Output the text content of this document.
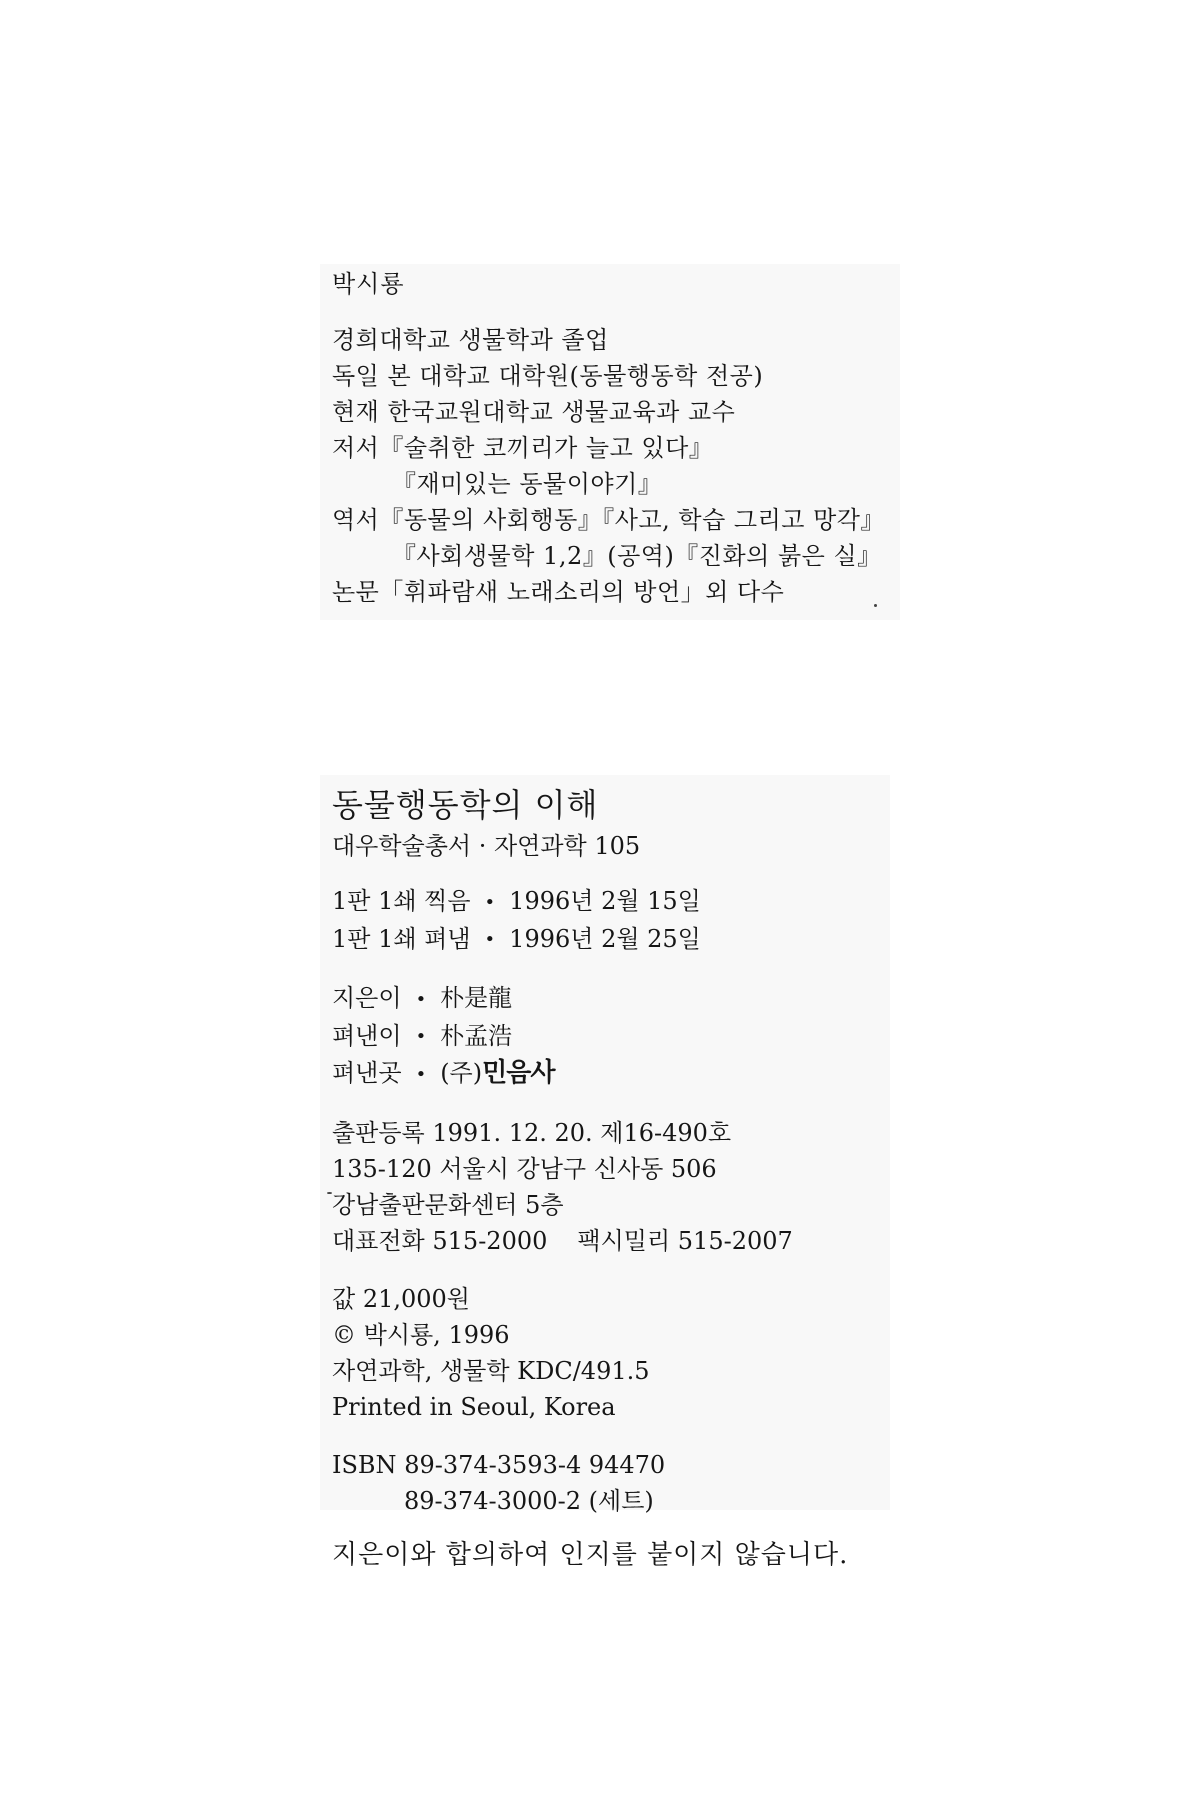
박시룡
경희대학교 생물학과 졸업
독일 본 대학교 대학원(동물행동학 전공)
현재 한국교원대학교 생물교육과 교수
저서『술취한 코끼리가 늘고 있다』
『재미있는 동물이야기』
역서『동물의 사회행동』『사고, 학습 그리고 망각』
『사회생물학 1,2』(공역)『진화의 붉은 실』
논문「휘파람새 노래소리의 방언」외 다수
동물행동학의 이해
대우학술총서 · 자연과학 105
1판 1쇄 찍음 • 1996년 2월 15일
1판 1쇄 펴냄 • 1996년 2월 25일
지은이 • 朴是龍
펴낸이 • 朴孟浩
펴낸곳 • (주)민음사
출판등록 1991. 12. 20. 제16-490호
135-120 서울시 강남구 신사동 506
강남출판문화센터 5층
대표전화 515-2000 팩시밀리 515-2007
값 21,000원
© 박시룡, 1996
자연과학, 생물학 KDC/491.5
Printed in Seoul, Korea
ISBN 89-374-3593-4 94470
89-374-3000-2 (세트)
지은이와 합의하여 인지를 붙이지 않습니다.
